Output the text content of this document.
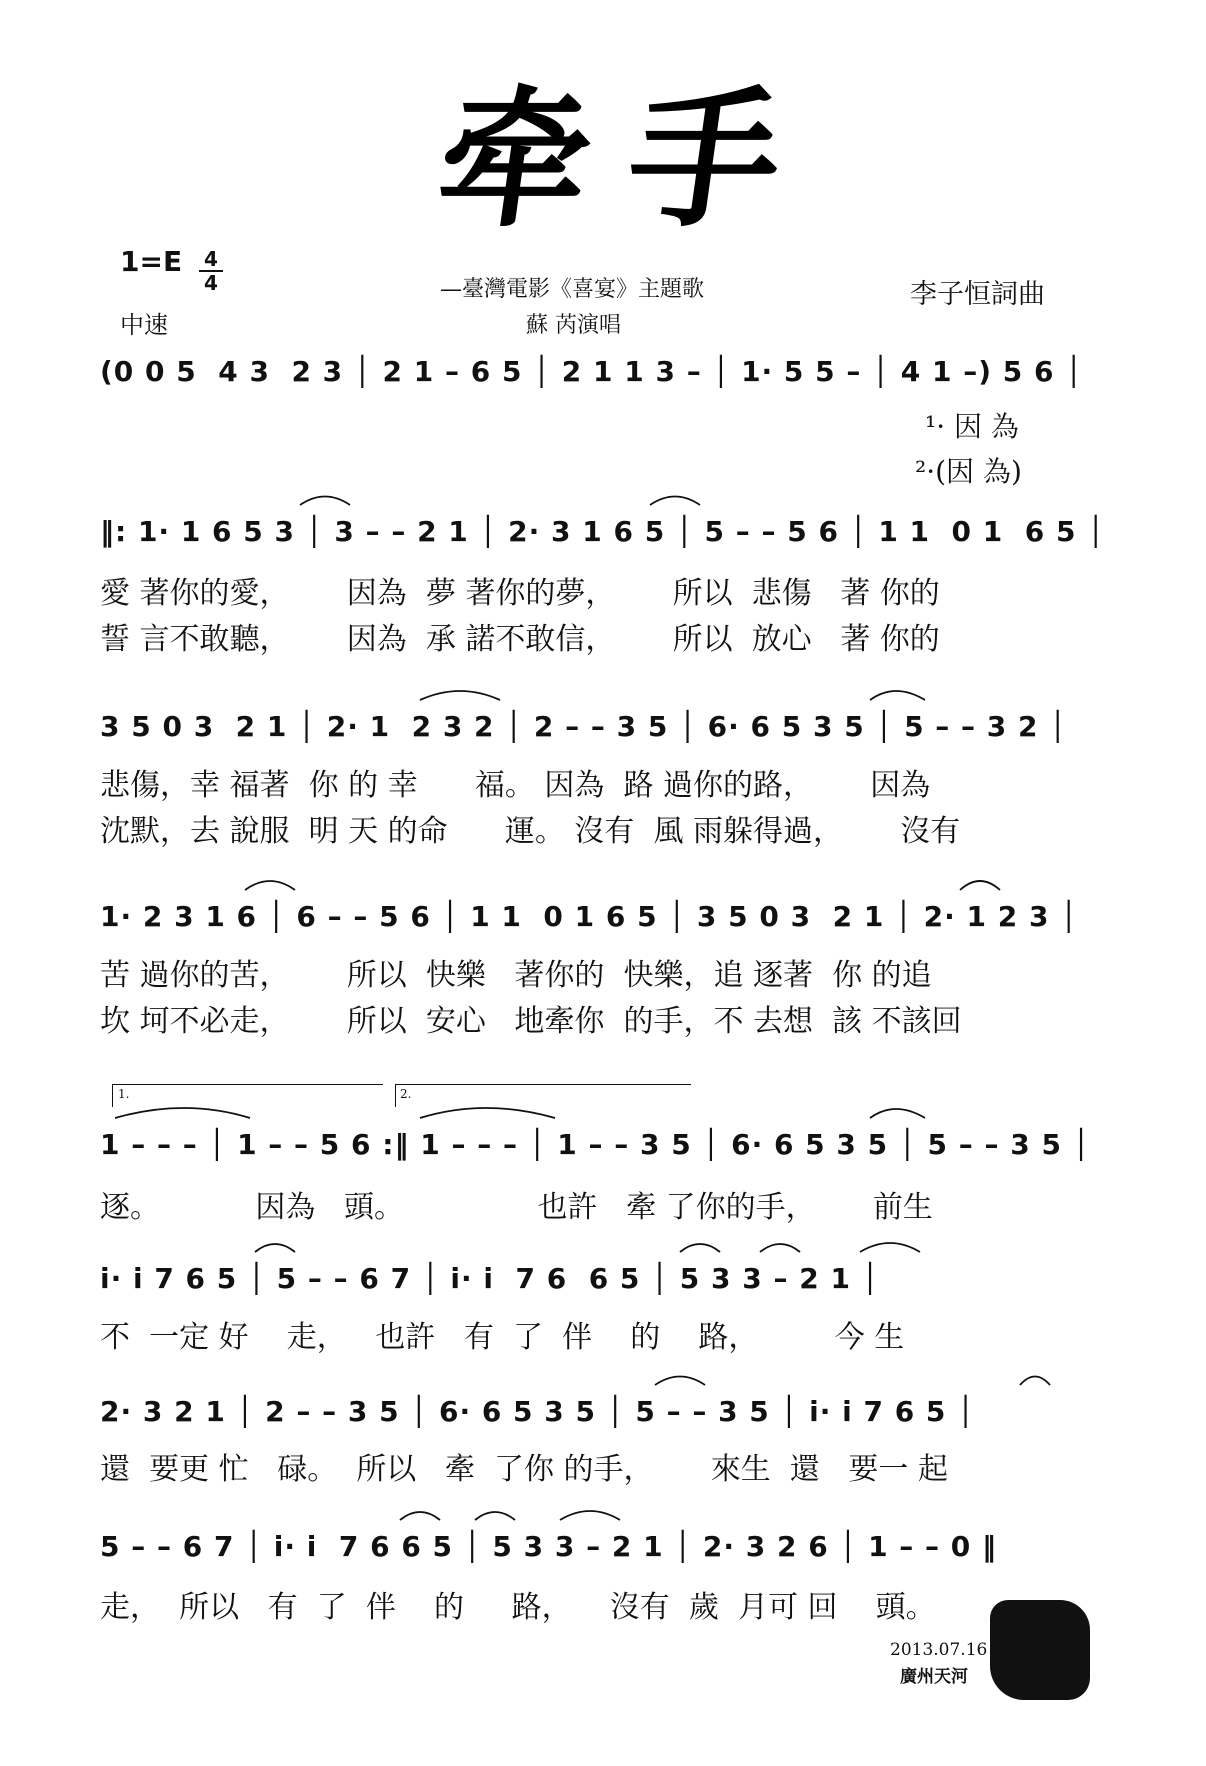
牵
手
1=E 4
4
中速
—臺灣電影《喜宴》主題歌
蘇 芮演唱
李子恒詞曲
(0 0 5  4 3  2 3 │ 2 1 – 6 5 │ 2 1 1 3 – │ 1· 5 5 – │ 4 1 –) 5 6 │
¹· 因 為
²·(因 為)
‖: 1· 1 6 5 3 │ 3 – – 2 1 │ 2· 3 1 6 5 │ 5 – – 5 6 │ 1 1  0 1  6 5 │
愛 著你的愛，      因為  夢 著你的夢，      所以  悲傷   著 你的
誓 言不敢聽，      因為  承 諾不敢信，      所以  放心   著 你的
3 5 0 3  2 1 │ 2· 1  2 3 2 │ 2 – – 3 5 │ 6· 6 5 3 5 │ 5 – – 3 2 │
悲傷，幸 福著  你 的 幸      福。 因為  路 過你的路，      因為
沈默，去 說服  明 天 的命      運。 沒有  風 雨躲得過，      沒有
1· 2 3 1 6 │ 6 – – 5 6 │ 1 1  0 1 6 5 │ 3 5 0 3  2 1 │ 2· 1 2 3 │
苦 過你的苦，      所以  快樂   著你的  快樂，追 逐著  你 的追
坎 坷不必走，      所以  安心   地牽你  的手，不 去想  該 不該回
1.	2.
1 – – – │ 1 – – 5 6 :‖ 1 – – – │ 1 – – 3 5 │ 6· 6 5 3 5 │ 5 – – 3 5 │
逐。          因為   頭。              也許   牽 了你的手，      前生
i· i 7 6 5 │ 5 – – 6 7 │ i· i  7 6  6 5 │ 5 3 3 – 2 1 │
不  一定 好    走，   也許   有  了  伴    的    路，        今 生
2· 3 2 1 │ 2 – – 3 5 │ 6· 6 5 3 5 │ 5 – – 3 5 │ i· i 7 6 5 │
還  要更 忙   碌。  所以   牽  了你 的手，      來生  還   要一 起
5 – – 6 7 │ i· i  7 6 6 5 │ 5 3 3 – 2 1 │ 2· 3 2 6 │ 1 – – 0 ‖
走，  所以   有  了  伴    的     路，    沒有  歲  月可 回    頭。
2013.07.16
廣州天河
